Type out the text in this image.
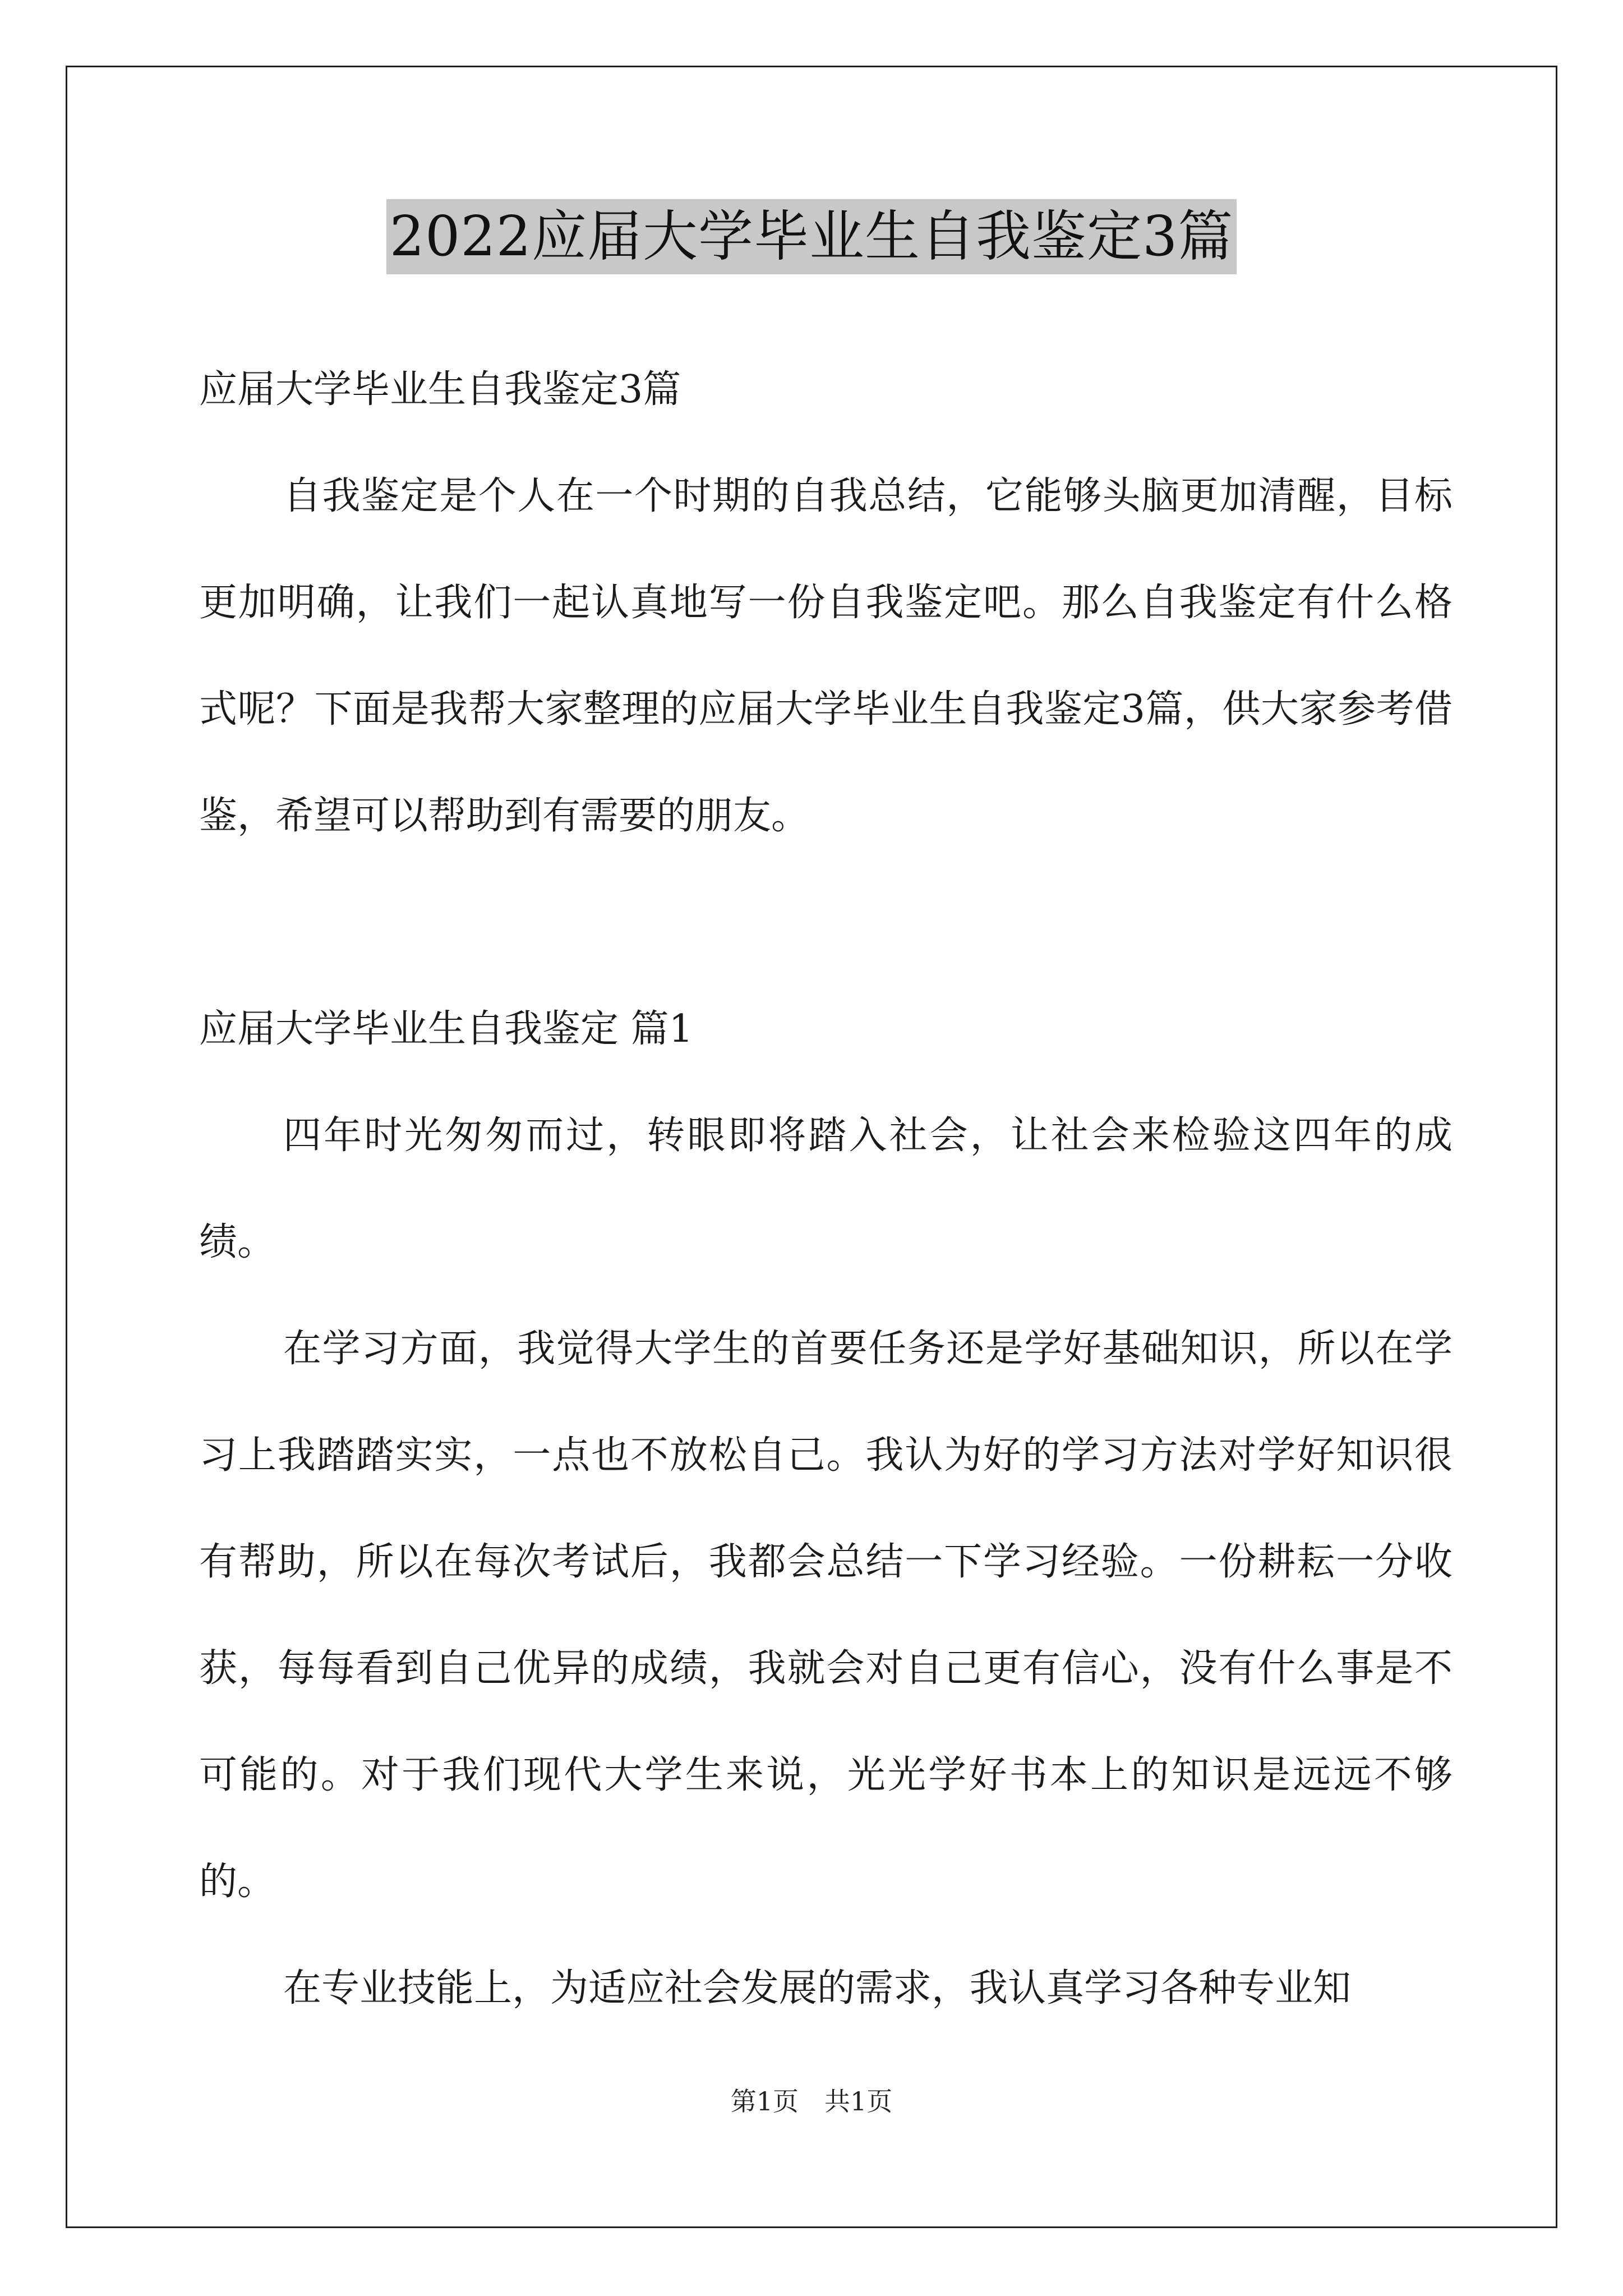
2022应届大学毕业生自我鉴定3篇

应届大学毕业生自我鉴定3篇

自我鉴定是个人在一个时期的自我总结，它能够头脑更加清醒，目标更加明确，让我们一起认真地写一份自我鉴定吧。那么自我鉴定有什么格式呢？下面是我帮大家整理的应届大学毕业生自我鉴定3篇，供大家参考借鉴，希望可以帮助到有需要的朋友。

应届大学毕业生自我鉴定 篇1

四年时光匆匆而过，转眼即将踏入社会，让社会来检验这四年的成绩。

在学习方面，我觉得大学生的首要任务还是学好基础知识，所以在学习上我踏踏实实，一点也不放松自己。我认为好的学习方法对学好知识很有帮助，所以在每次考试后，我都会总结一下学习经验。一份耕耘一分收获，每每看到自己优异的成绩，我就会对自己更有信心，没有什么事是不可能的。对于我们现代大学生来说，光光学好书本上的知识是远远不够的。

在专业技能上，为适应社会发展的需求，我认真学习各种专业知

第1页 共1页
